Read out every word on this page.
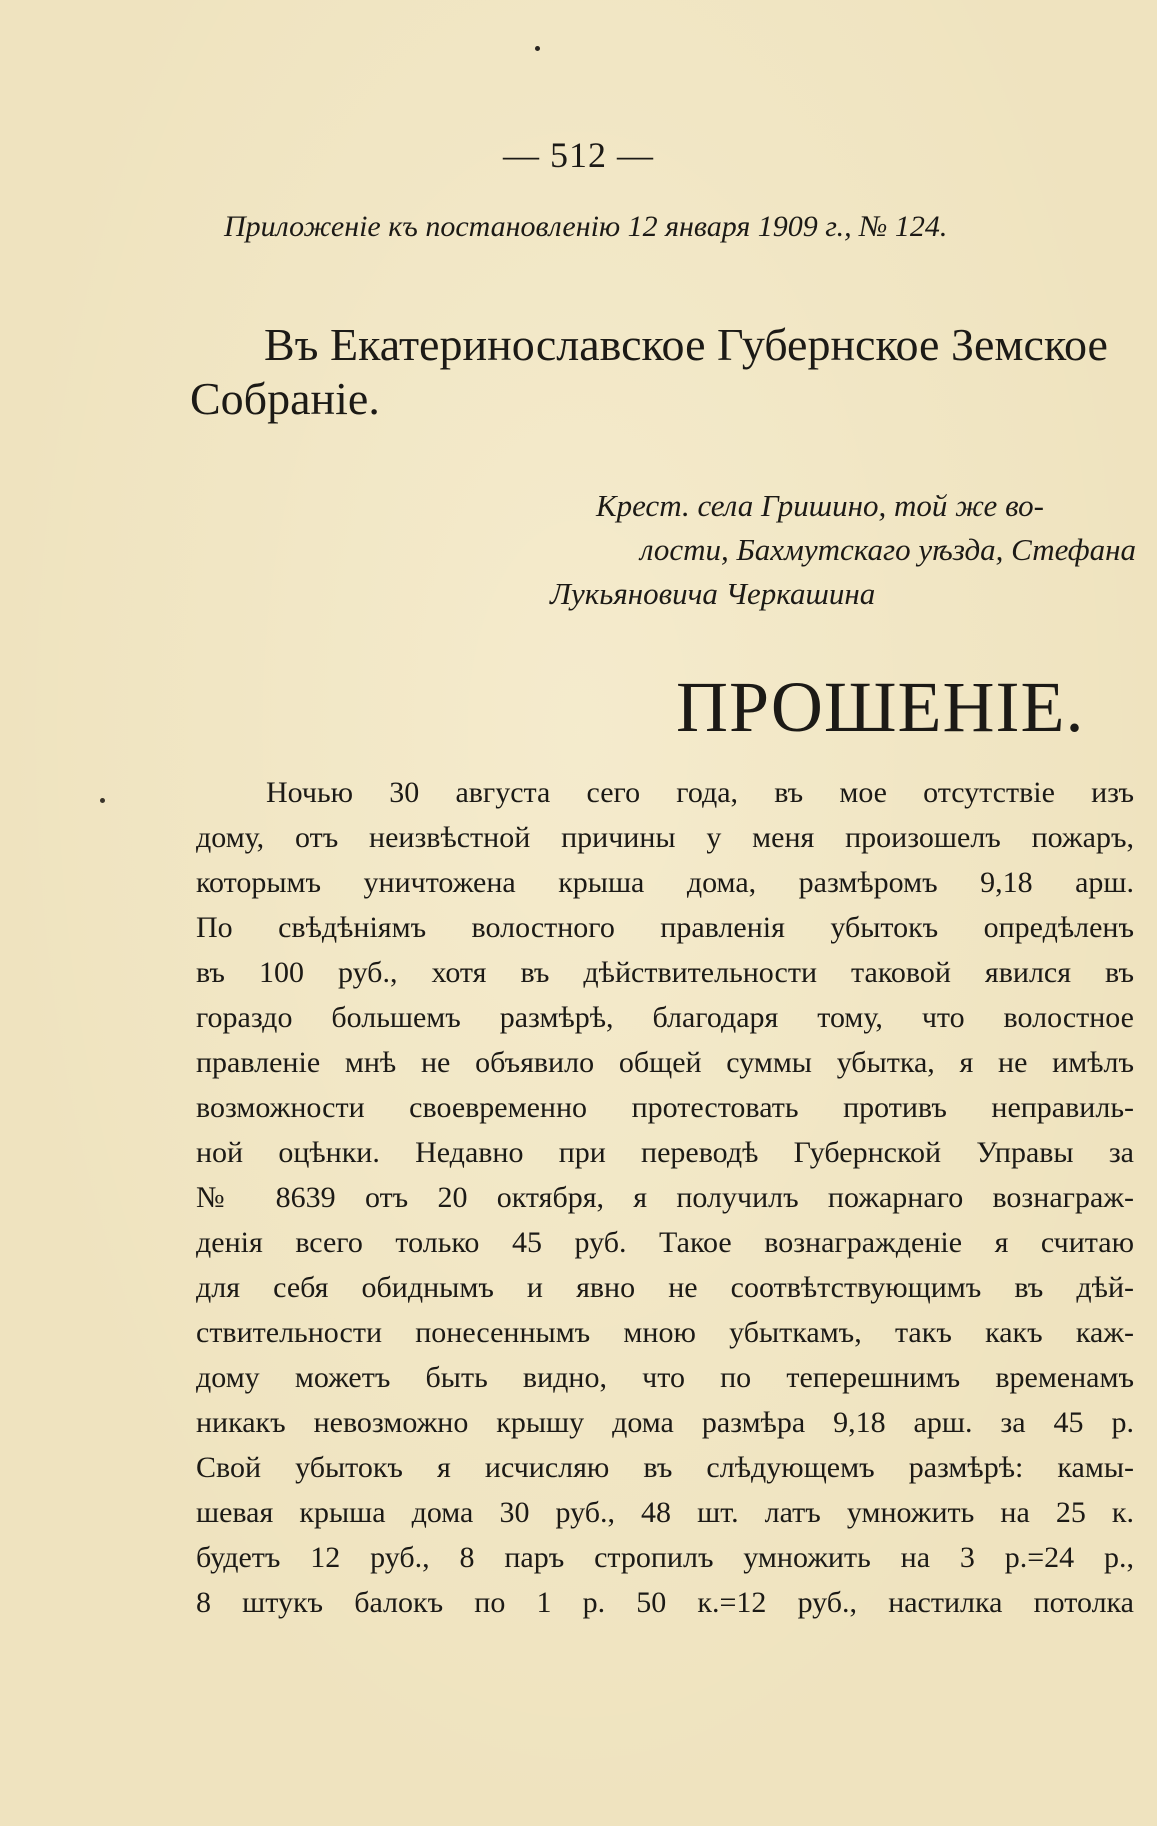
— 512 —
Приложенiе къ постановленiю 12 января 1909 г., № 124.
Въ Екатеринославское Губернское Земское
Собранiе.
Крест. села Гришино, той же во-
лости, Бахмутскаго уѣзда, Стефана
Лукьяновича Черкашина
ПРОШЕНIЕ.
Ночью 30 августа сего года, въ мое отсутствiе изъ
дому, отъ неизвѣстной причины у меня произошелъ пожаръ,
которымъ уничтожена крыша дома, размѣромъ 9,18 арш.
По свѣдѣнiямъ волостного правленiя убытокъ опредѣленъ
въ 100 руб., хотя въ дѣйствительности таковой явился въ
гораздо большемъ размѣрѣ, благодаря тому, что волостное
правленiе мнѣ не объявило общей суммы убытка, я не имѣлъ
возможности своевременно протестовать противъ неправиль-
ной оцѣнки. Недавно при переводѣ Губернской Управы за
№ 8639 отъ 20 октября, я получилъ пожарнаго вознаграж-
денiя всего только 45 руб. Такое вознагражденiе я считаю
для себя обиднымъ и явно не соотвѣтствующимъ въ дѣй-
ствительности понесеннымъ мною убыткамъ, такъ какъ каж-
дому можетъ быть видно, что по теперешнимъ временамъ
никакъ невозможно крышу дома размѣра 9,18 арш. за 45 р.
Свой убытокъ я исчисляю въ слѣдующемъ размѣрѣ: камы-
шевая крыша дома 30 руб., 48 шт. латъ умножить на 25 к.
будетъ 12 руб., 8 паръ стропилъ умножить на 3 р.=24 р.,
8 штукъ балокъ по 1 р. 50 к.=12 руб., настилка потолка
